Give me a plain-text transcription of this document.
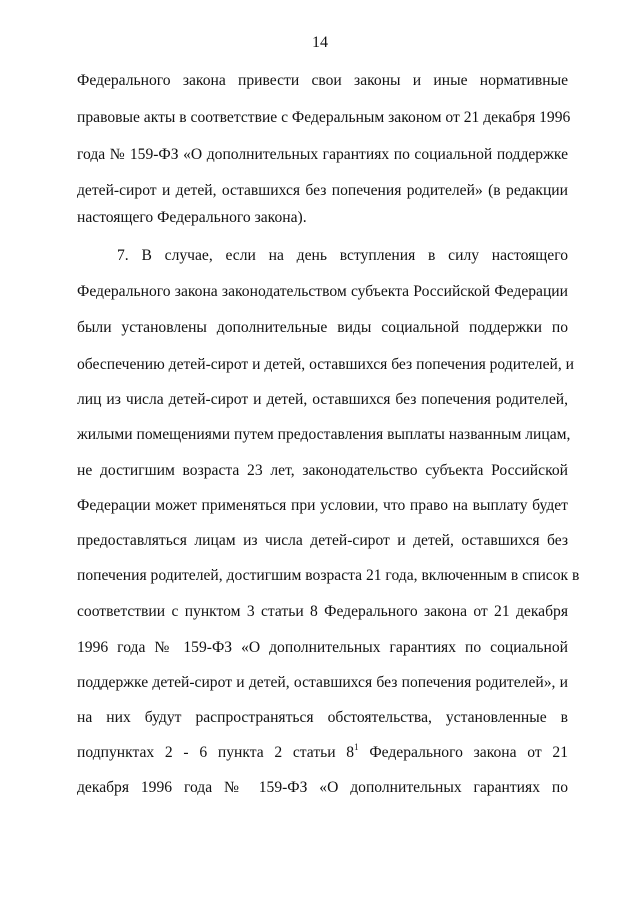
14
Федерального закона привести свои законы и иные нормативные
правовые акты в соответствие с Федеральным законом от 21 декабря 1996
года № 159-ФЗ «О дополнительных гарантиях по социальной поддержке
детей-сирот и детей, оставшихся без попечения родителей» (в редакции
настоящего Федерального закона).
7. В случае, если на день вступления в силу настоящего
Федерального закона законодательством субъекта Российской Федерации
были установлены дополнительные виды социальной поддержки по
обеспечению детей-сирот и детей, оставшихся без попечения родителей, и
лиц из числа детей-сирот и детей, оставшихся без попечения родителей,
жилыми помещениями путем предоставления выплаты названным лицам,
не достигшим возраста 23 лет, законодательство субъекта Российской
Федерации может применяться при условии, что право на выплату будет
предоставляться лицам из числа детей-сирот и детей, оставшихся без
попечения родителей, достигшим возраста 21 года, включенным в список в
соответствии с пунктом 3 статьи 8 Федерального закона от 21 декабря
1996 года № 159-ФЗ «О дополнительных гарантиях по социальной
поддержке детей-сирот и детей, оставшихся без попечения родителей», и
на них будут распространяться обстоятельства, установленные в
подпунктах 2 - 6 пункта 2 статьи $8^1$ Федерального закона от 21
декабря 1996 года № 159-ФЗ «О дополнительных гарантиях по
